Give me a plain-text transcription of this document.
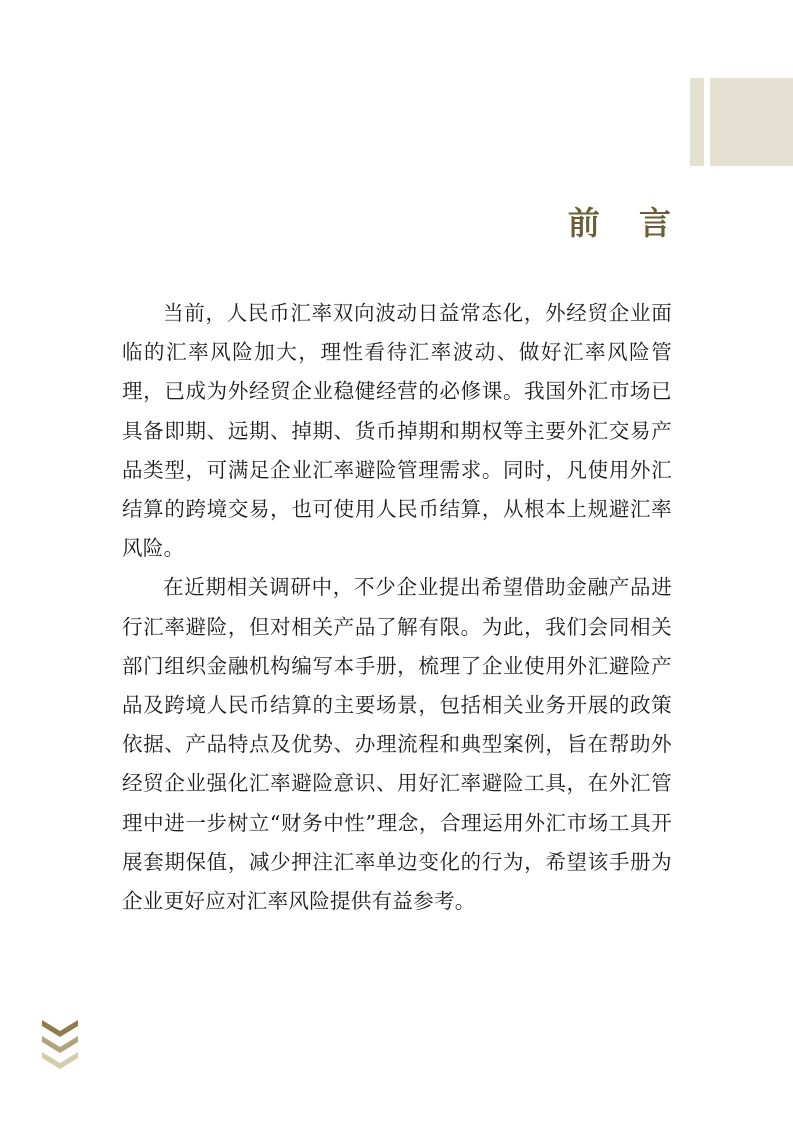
前 言

当前，人民币汇率双向波动日益常态化，外经贸企业面临的汇率风险加大，理性看待汇率波动、做好汇率风险管理，已成为外经贸企业稳健经营的必修课。我国外汇市场已具备即期、远期、掉期、货币掉期和期权等主要外汇交易产品类型，可满足企业汇率避险管理需求。同时，凡使用外汇结算的跨境交易，也可使用人民币结算，从根本上规避汇率风险。

在近期相关调研中，不少企业提出希望借助金融产品进行汇率避险，但对相关产品了解有限。为此，我们会同相关部门组织金融机构编写本手册，梳理了企业使用外汇避险产品及跨境人民币结算的主要场景，包括相关业务开展的政策依据、产品特点及优势、办理流程和典型案例，旨在帮助外经贸企业强化汇率避险意识、用好汇率避险工具，在外汇管理中进一步树立“财务中性”理念，合理运用外汇市场工具开展套期保值，减少押注汇率单边变化的行为，希望该手册为企业更好应对汇率风险提供有益参考。
